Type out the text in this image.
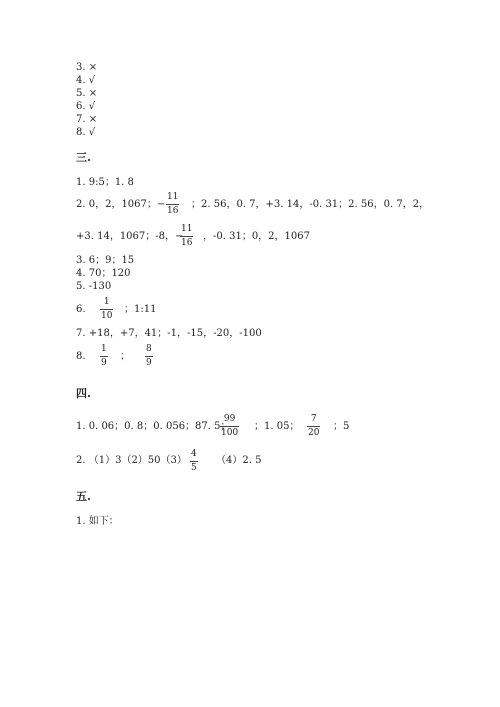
3. ×
4. √
5. ×
6. √
7. ×
8. √
三.
1. 9:5；1. 8
2. 0，2，1067；−
11
16
；2. 56，0. 7，+3. 14，-0. 31；2. 56，0. 7，2，
+3. 14，1067；-8，−
11
16
，-0. 31；0，2，1067
3. 6；9；15
4. 70；120
5. -130
6.
1
10
；1:11
7. +18，+7，41；-1，-15，-20，-100
8.
1
9
；
8
9
四.
1. 0. 06；0. 8；0. 056；87. 5；
99
100
；1. 05；
7
20
；5
2. （1）3（2）50（3）
4
5
（4）2. 5
五.
1. 如下：
